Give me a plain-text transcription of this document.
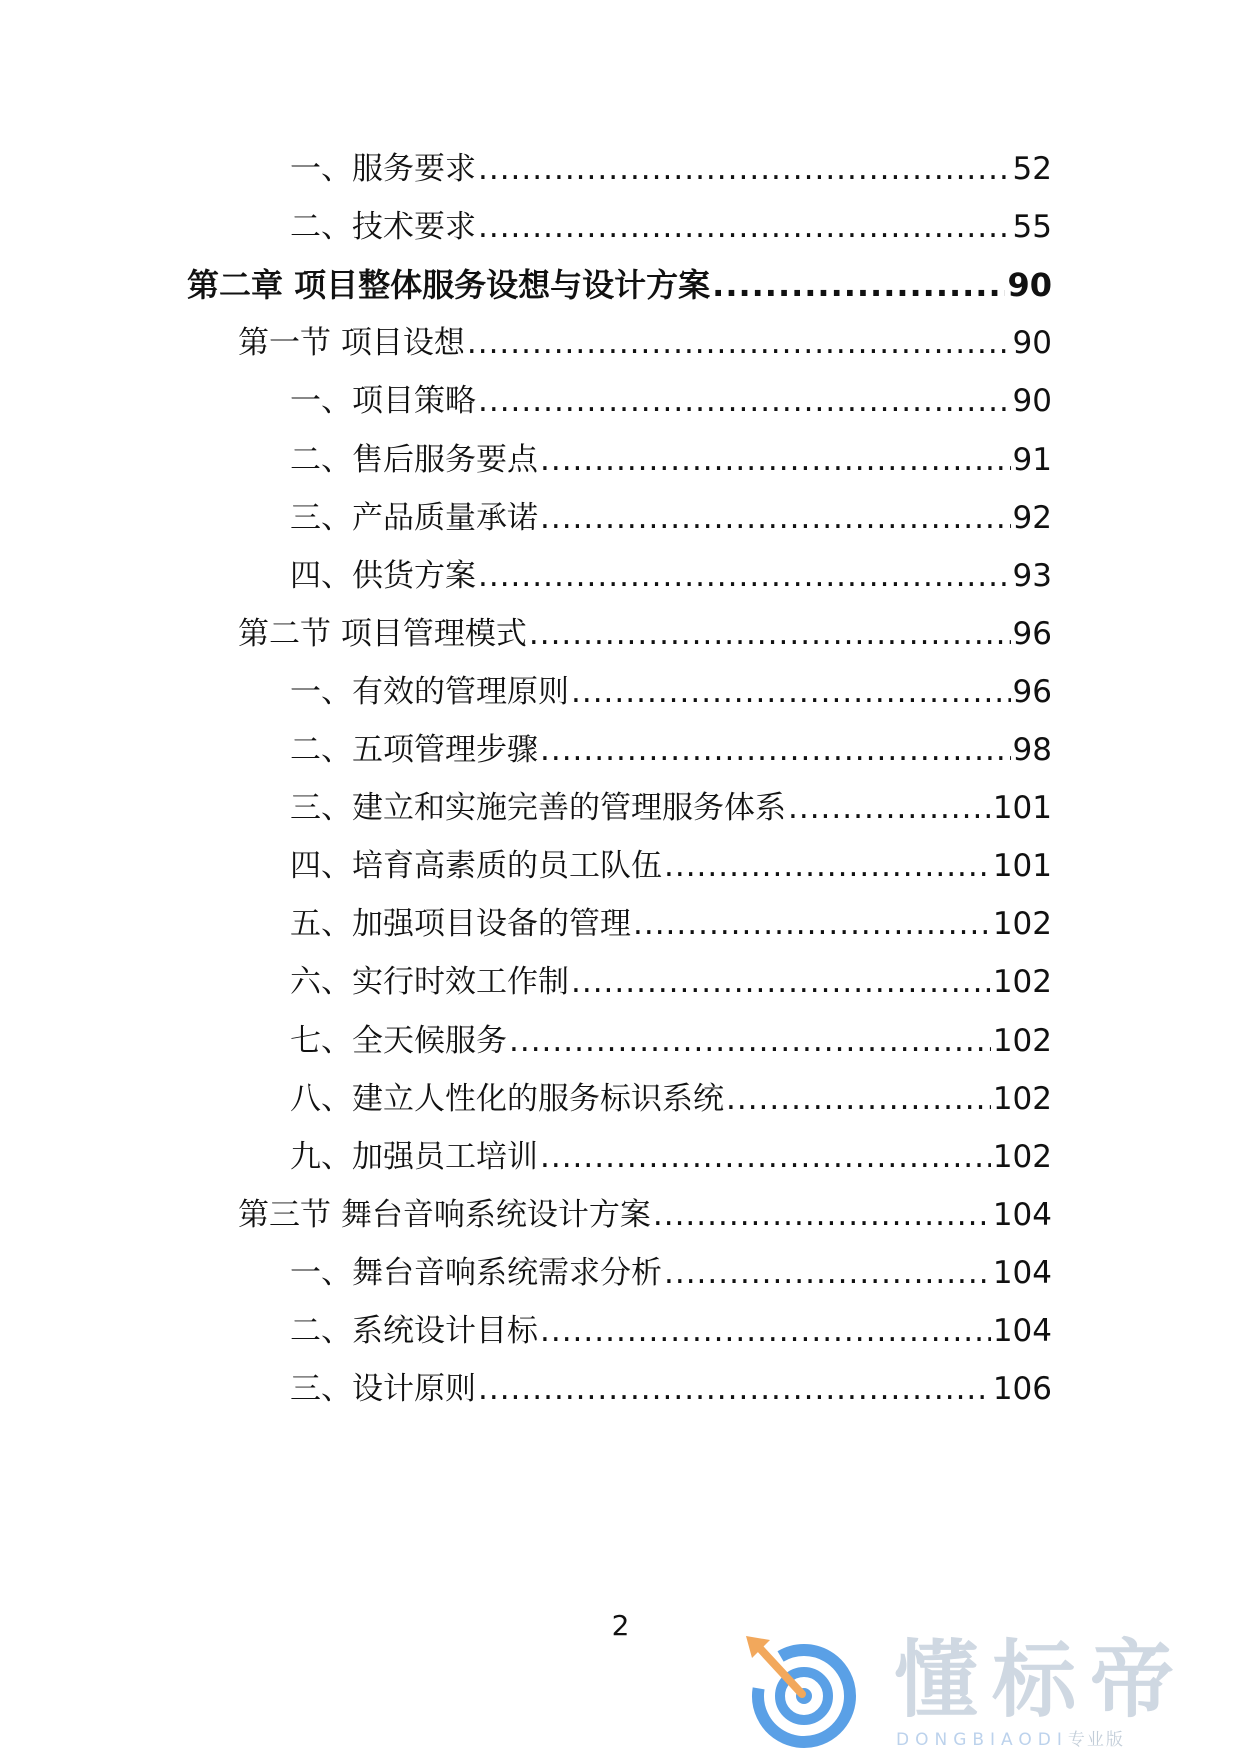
一、服务要求 .....	52
二、技术要求 .....	55
第二章 项目整体服务设想与设计方案 .....	90
第一节 项目设想 .....	90
一、项目策略 .....	90
二、售后服务要点 .....	91
三、产品质量承诺 .....	92
四、供货方案 .....	93
第二节 项目管理模式 .....	96
一、有效的管理原则 .....	96
二、五项管理步骤 .....	98
三、建立和实施完善的管理服务体系 .....	101
四、培育高素质的员工队伍 .....	101
五、加强项目设备的管理 .....	102
六、实行时效工作制 .....	102
七、全天候服务 .....	102
八、建立人性化的服务标识系统 .....	102
九、加强员工培训 .....	102
第三节 舞台音响系统设计方案 .....	104
一、舞台音响系统需求分析 .....	104
二、系统设计目标 .....	104
三、设计原则 .....	106
2
懂标帝
DONGBIAODI专业版
